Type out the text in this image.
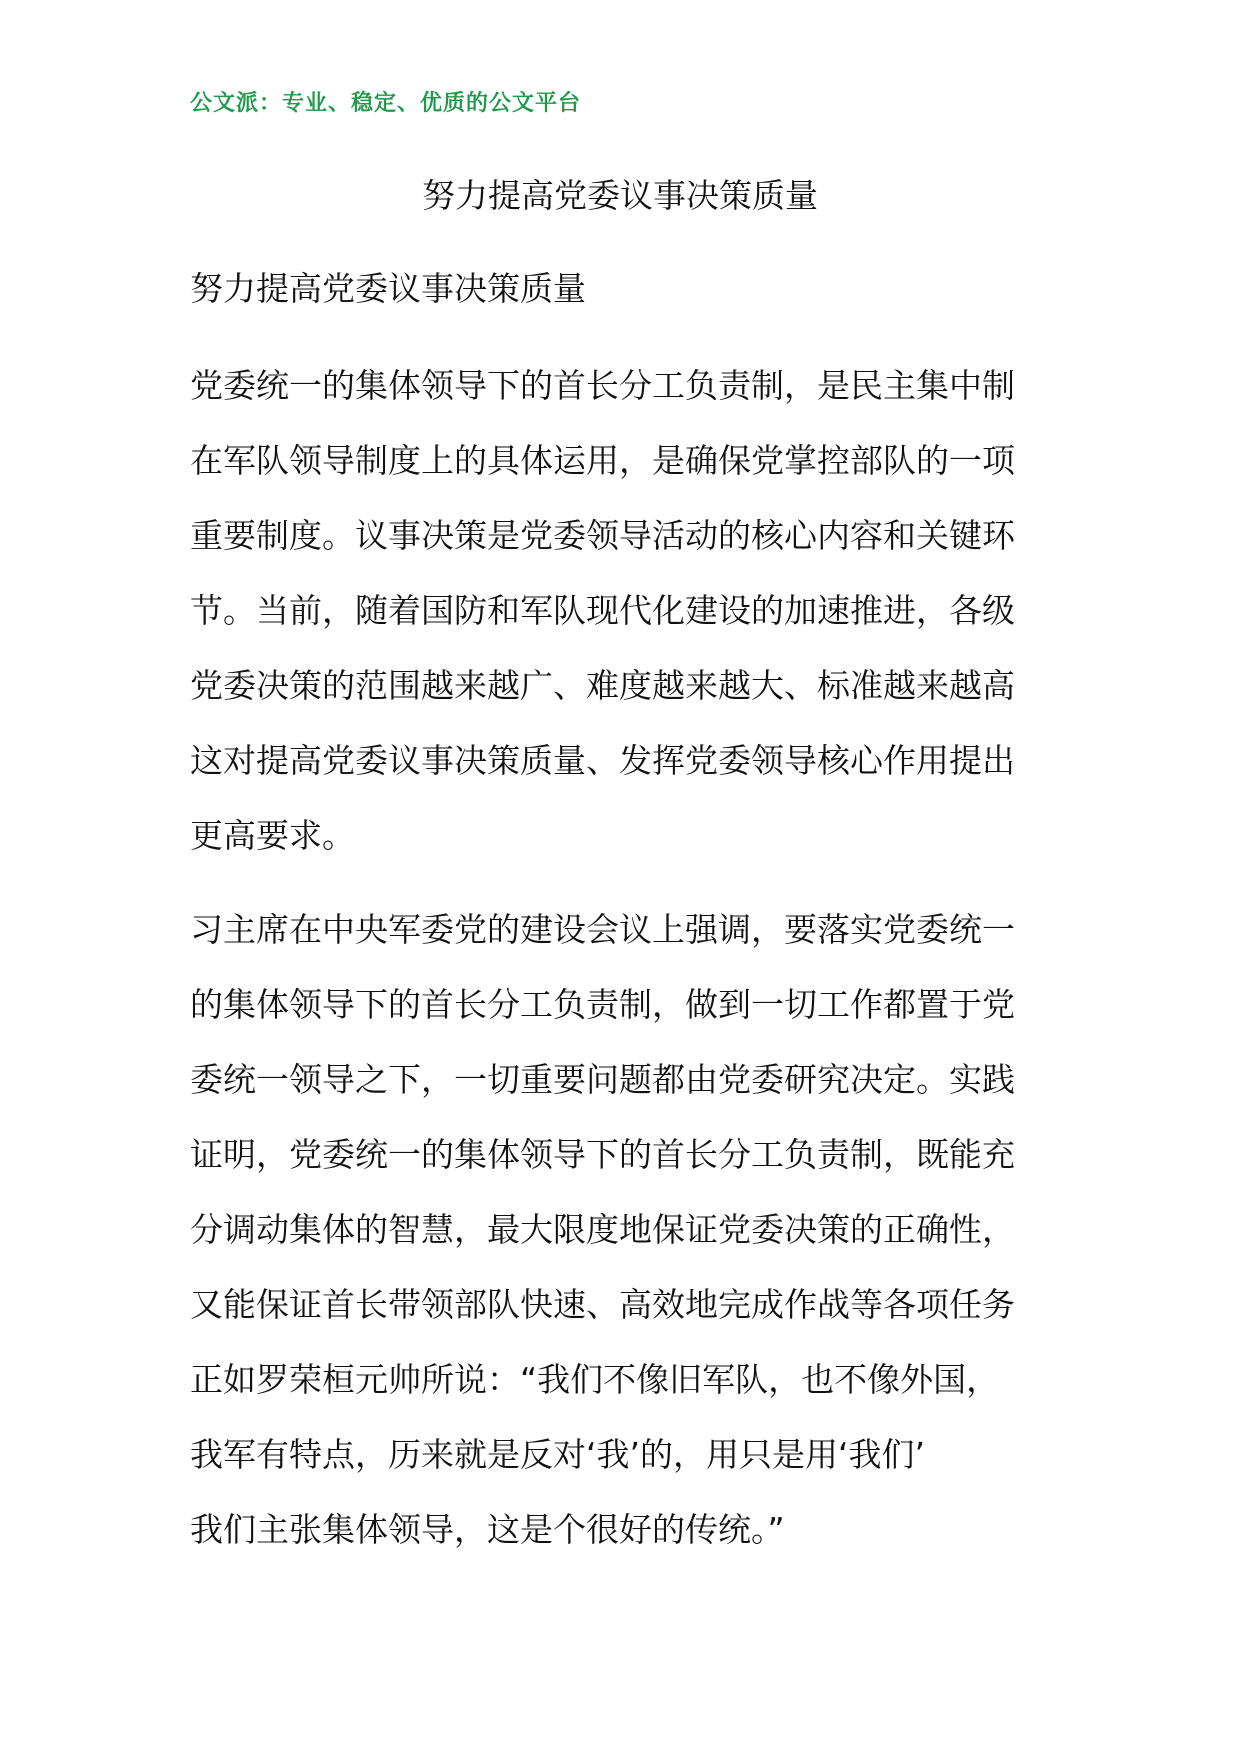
公文派：专业、稳定、优质的公文平台
努力提高党委议事决策质量
努力提高党委议事决策质量
党委统一的集体领导下的首长分工负责制，是民主集中制
在军队领导制度上的具体运用，是确保党掌控部队的一项
重要制度。议事决策是党委领导活动的核心内容和关键环
节。当前，随着国防和军队现代化建设的加速推进，各级
党委决策的范围越来越广、难度越来越大、标准越来越高
这对提高党委议事决策质量、发挥党委领导核心作用提出
更高要求。
习主席在中央军委党的建设会议上强调，要落实党委统一
的集体领导下的首长分工负责制，做到一切工作都置于党
委统一领导之下，一切重要问题都由党委研究决定。实践
证明，党委统一的集体领导下的首长分工负责制，既能充
分调动集体的智慧，最大限度地保证党委决策的正确性，
又能保证首长带领部队快速、高效地完成作战等各项任务
正如罗荣桓元帅所说：“我们不像旧军队，也不像外国，
我军有特点，历来就是反对‘我’的，用只是用‘我们’
我们主张集体领导，这是个很好的传统。”
